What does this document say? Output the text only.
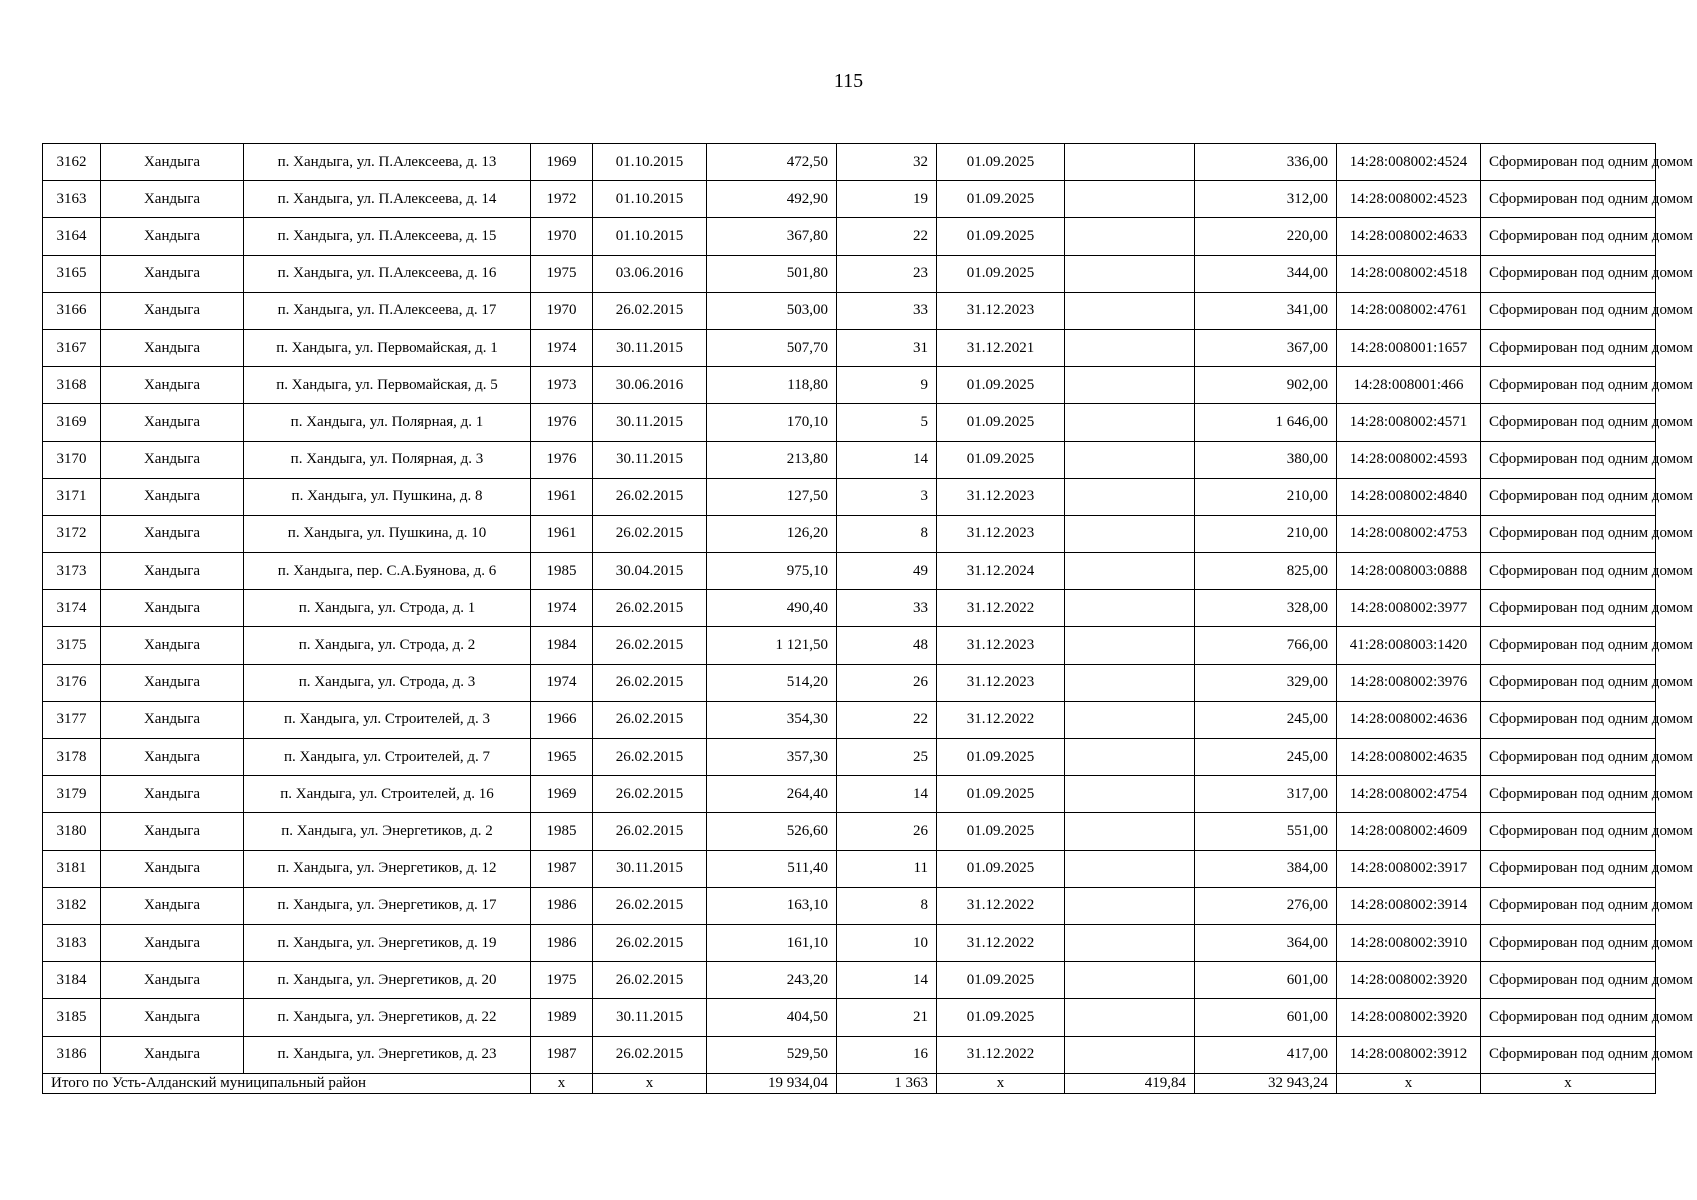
115
3162	Хандыга	п. Хандыга, ул. П.Алексеева, д. 13	1969	01.10.2015	472,50	32	01.09.2025		336,00	14:28:008002:4524	Сформирован под одним домом
3163	Хандыга	п. Хандыга, ул. П.Алексеева, д. 14	1972	01.10.2015	492,90	19	01.09.2025		312,00	14:28:008002:4523	Сформирован под одним домом
3164	Хандыга	п. Хандыга, ул. П.Алексеева, д. 15	1970	01.10.2015	367,80	22	01.09.2025		220,00	14:28:008002:4633	Сформирован под одним домом
3165	Хандыга	п. Хандыга, ул. П.Алексеева, д. 16	1975	03.06.2016	501,80	23	01.09.2025		344,00	14:28:008002:4518	Сформирован под одним домом
3166	Хандыга	п. Хандыга, ул. П.Алексеева, д. 17	1970	26.02.2015	503,00	33	31.12.2023		341,00	14:28:008002:4761	Сформирован под одним домом
3167	Хандыга	п. Хандыга, ул. Первомайская, д. 1	1974	30.11.2015	507,70	31	31.12.2021		367,00	14:28:008001:1657	Сформирован под одним домом
3168	Хандыга	п. Хандыга, ул. Первомайская, д. 5	1973	30.06.2016	118,80	9	01.09.2025		902,00	14:28:008001:466	Сформирован под одним домом
3169	Хандыга	п. Хандыга, ул. Полярная, д. 1	1976	30.11.2015	170,10	5	01.09.2025		1 646,00	14:28:008002:4571	Сформирован под одним домом
3170	Хандыга	п. Хандыга, ул. Полярная, д. 3	1976	30.11.2015	213,80	14	01.09.2025		380,00	14:28:008002:4593	Сформирован под одним домом
3171	Хандыга	п. Хандыга, ул. Пушкина, д. 8	1961	26.02.2015	127,50	3	31.12.2023		210,00	14:28:008002:4840	Сформирован под одним домом
3172	Хандыга	п. Хандыга, ул. Пушкина, д. 10	1961	26.02.2015	126,20	8	31.12.2023		210,00	14:28:008002:4753	Сформирован под одним домом
3173	Хандыга	п. Хандыга, пер. С.А.Буянова, д. 6	1985	30.04.2015	975,10	49	31.12.2024		825,00	14:28:008003:0888	Сформирован под одним домом
3174	Хандыга	п. Хандыга, ул. Строда, д. 1	1974	26.02.2015	490,40	33	31.12.2022		328,00	14:28:008002:3977	Сформирован под одним домом
3175	Хандыга	п. Хандыга, ул. Строда, д. 2	1984	26.02.2015	1 121,50	48	31.12.2023		766,00	41:28:008003:1420	Сформирован под одним домом
3176	Хандыга	п. Хандыга, ул. Строда, д. 3	1974	26.02.2015	514,20	26	31.12.2023		329,00	14:28:008002:3976	Сформирован под одним домом
3177	Хандыга	п. Хандыга, ул. Строителей, д. 3	1966	26.02.2015	354,30	22	31.12.2022		245,00	14:28:008002:4636	Сформирован под одним домом
3178	Хандыга	п. Хандыга, ул. Строителей, д. 7	1965	26.02.2015	357,30	25	01.09.2025		245,00	14:28:008002:4635	Сформирован под одним домом
3179	Хандыга	п. Хандыга, ул. Строителей, д. 16	1969	26.02.2015	264,40	14	01.09.2025		317,00	14:28:008002:4754	Сформирован под одним домом
3180	Хандыга	п. Хандыга, ул. Энергетиков, д. 2	1985	26.02.2015	526,60	26	01.09.2025		551,00	14:28:008002:4609	Сформирован под одним домом
3181	Хандыга	п. Хандыга, ул. Энергетиков, д. 12	1987	30.11.2015	511,40	11	01.09.2025		384,00	14:28:008002:3917	Сформирован под одним домом
3182	Хандыга	п. Хандыга, ул. Энергетиков, д. 17	1986	26.02.2015	163,10	8	31.12.2022		276,00	14:28:008002:3914	Сформирован под одним домом
3183	Хандыга	п. Хандыга, ул. Энергетиков, д. 19	1986	26.02.2015	161,10	10	31.12.2022		364,00	14:28:008002:3910	Сформирован под одним домом
3184	Хандыга	п. Хандыга, ул. Энергетиков, д. 20	1975	26.02.2015	243,20	14	01.09.2025		601,00	14:28:008002:3920	Сформирован под одним домом
3185	Хандыга	п. Хандыга, ул. Энергетиков, д. 22	1989	30.11.2015	404,50	21	01.09.2025		601,00	14:28:008002:3920	Сформирован под одним домом
3186	Хандыга	п. Хандыга, ул. Энергетиков, д. 23	1987	26.02.2015	529,50	16	31.12.2022		417,00	14:28:008002:3912	Сформирован под одним домом
Итого по Усть-Алданский муниципальный район			x	x	19 934,04	1 363	x	419,84	32 943,24	x	x
